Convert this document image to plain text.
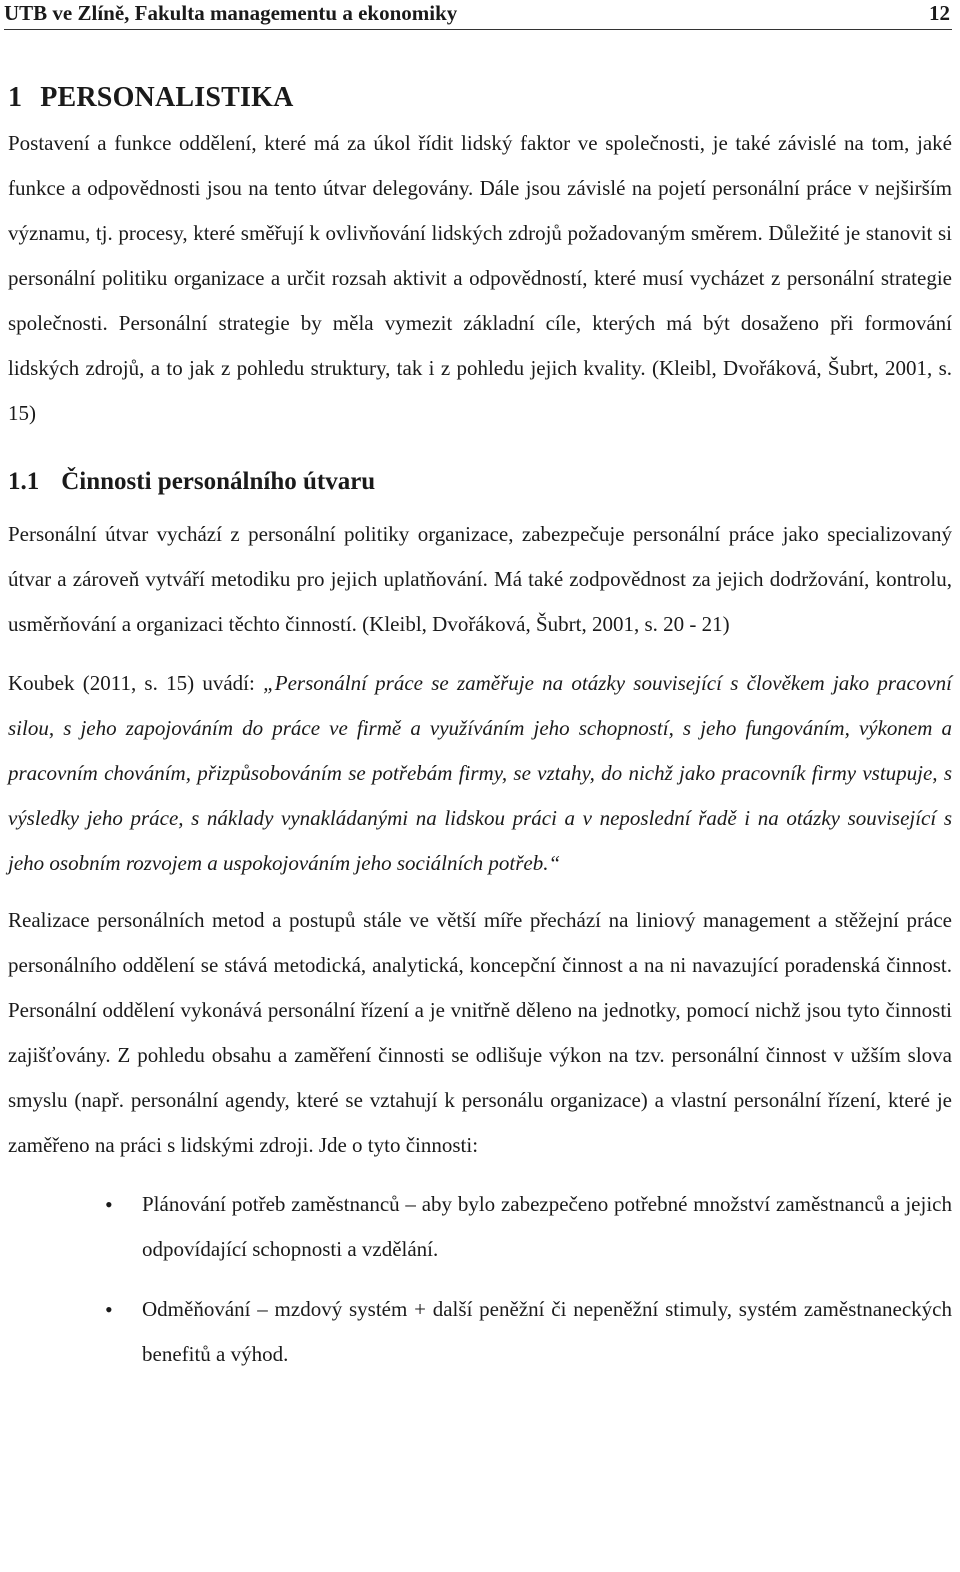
UTB ve Zlíně, Fakulta managementu a ekonomiky	12
1 PERSONALISTIKA

Postavení a funkce oddělení, které má za úkol řídit lidský faktor ve společnosti, je také závislé na tom, jaké funkce a odpovědnosti jsou na tento útvar delegovány. Dále jsou závislé na pojetí personální práce v nejširším významu, tj. procesy, které směřují k ovlivňování lidských zdrojů požadovaným směrem. Důležité je stanovit si personální politiku organizace a určit rozsah aktivit a odpovědností, které musí vycházet z personální strategie společnosti. Personální strategie by měla vymezit základní cíle, kterých má být dosaženo při formování lidských zdrojů, a to jak z pohledu struktury, tak i z pohledu jejich kvality. (Kleibl, Dvořáková, Šubrt, 2001, s. 15)

1.1 Činnosti personálního útvaru

Personální útvar vychází z personální politiky organizace, zabezpečuje personální práce jako specializovaný útvar a zároveň vytváří metodiku pro jejich uplatňování. Má také zodpovědnost za jejich dodržování, kontrolu, usměrňování a organizaci těchto činností. (Kleibl, Dvořáková, Šubrt, 2001, s. 20 - 21)

Koubek (2011, s. 15) uvádí: „Personální práce se zaměřuje na otázky související s člověkem jako pracovní silou, s jeho zapojováním do práce ve firmě a využíváním jeho schopností, s jeho fungováním, výkonem a pracovním chováním, přizpůsobováním se potřebám firmy, se vztahy, do nichž jako pracovník firmy vstupuje, s výsledky jeho práce, s náklady vynakládanými na lidskou práci a v neposlední řadě i na otázky související s jeho osobním rozvojem a uspokojováním jeho sociálních potřeb.“

Realizace personálních metod a postupů stále ve větší míře přechází na liniový management a stěžejní práce personálního oddělení se stává metodická, analytická, koncepční činnost a na ni navazující poradenská činnost. Personální oddělení vykonává personální řízení a je vnitřně děleno na jednotky, pomocí nichž jsou tyto činnosti zajišťovány. Z pohledu obsahu a zaměření činnosti se odlišuje výkon na tzv. personální činnost v užším slova smyslu (např. personální agendy, které se vztahují k personálu organizace) a vlastní personální řízení, které je zaměřeno na práci s lidskými zdroji. Jde o tyto činnosti:

• Plánování potřeb zaměstnanců – aby bylo zabezpečeno potřebné množství zaměstnanců a jejich odpovídající schopnosti a vzdělání.
• Odměňování – mzdový systém + další peněžní či nepeněžní stimuly, systém zaměstnaneckých benefitů a výhod.
